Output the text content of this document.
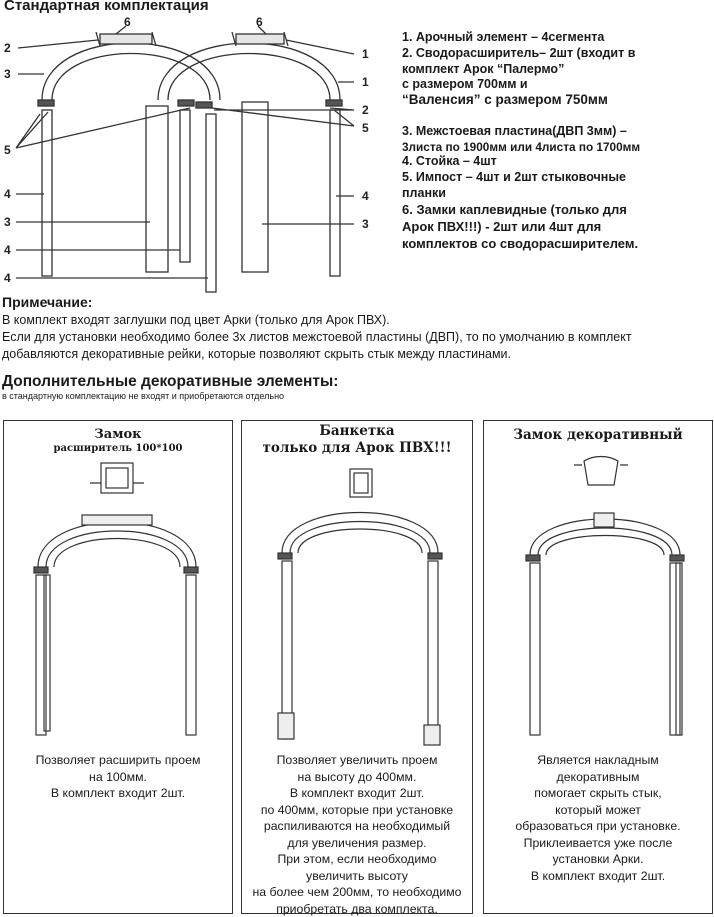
Стандартная комплектация
2
3
5
4
3
4
4
1
1
2
5
4
3
6	6
1. Арочный элемент – 4сегмента
2. Сводорасширитель– 2шт (входит в
комплект Арок “Палермо”
с размером 700мм и
“Валенсия” с размером 750мм
3. Межстоевая пластина(ДВП 3мм) –
3листа по 1900мм или 4листа по 1700мм
4. Стойка – 4шт
5. Импост – 4шт и 2шт стыковочные
планки
6. Замки каплевидные (только для
Арок ПВХ!!!) - 2шт или 4шт для
комплектов со сводорасширителем.
Примечание:
В комплект входят заглушки под цвет Арки (только для Арок ПВХ).
Если для установки необходимо более 3х листов межстоевой пластины (ДВП), то по умолчанию в комплект
добавляются декоративные рейки, которые позволяют скрыть стык между пластинами.
Дополнительные декоративные элементы:
в стандартную комплектацию не входят и приобретаются отдельно
Замок
расширитель 100*100
Позволяет расширить проем
на 100мм.
В комплект входит 2шт.
Банкетка
только для Арок ПВХ!!!
Позволяет увеличить проем
на высоту до 400мм.
В комплект входит 2шт.
по 400мм, которые при установке
распиливаются на необходимый
для увеличения размер.
При этом, если необходимо
увеличить высоту
на более чем 200мм, то необходимо
приобретать два комплекта.
Замок декоративный
Является накладным
декоративным
помогает скрыть стык,
который может
образоваться при установке.
Приклеивается уже после
установки Арки.
В комплект входит 2шт.
